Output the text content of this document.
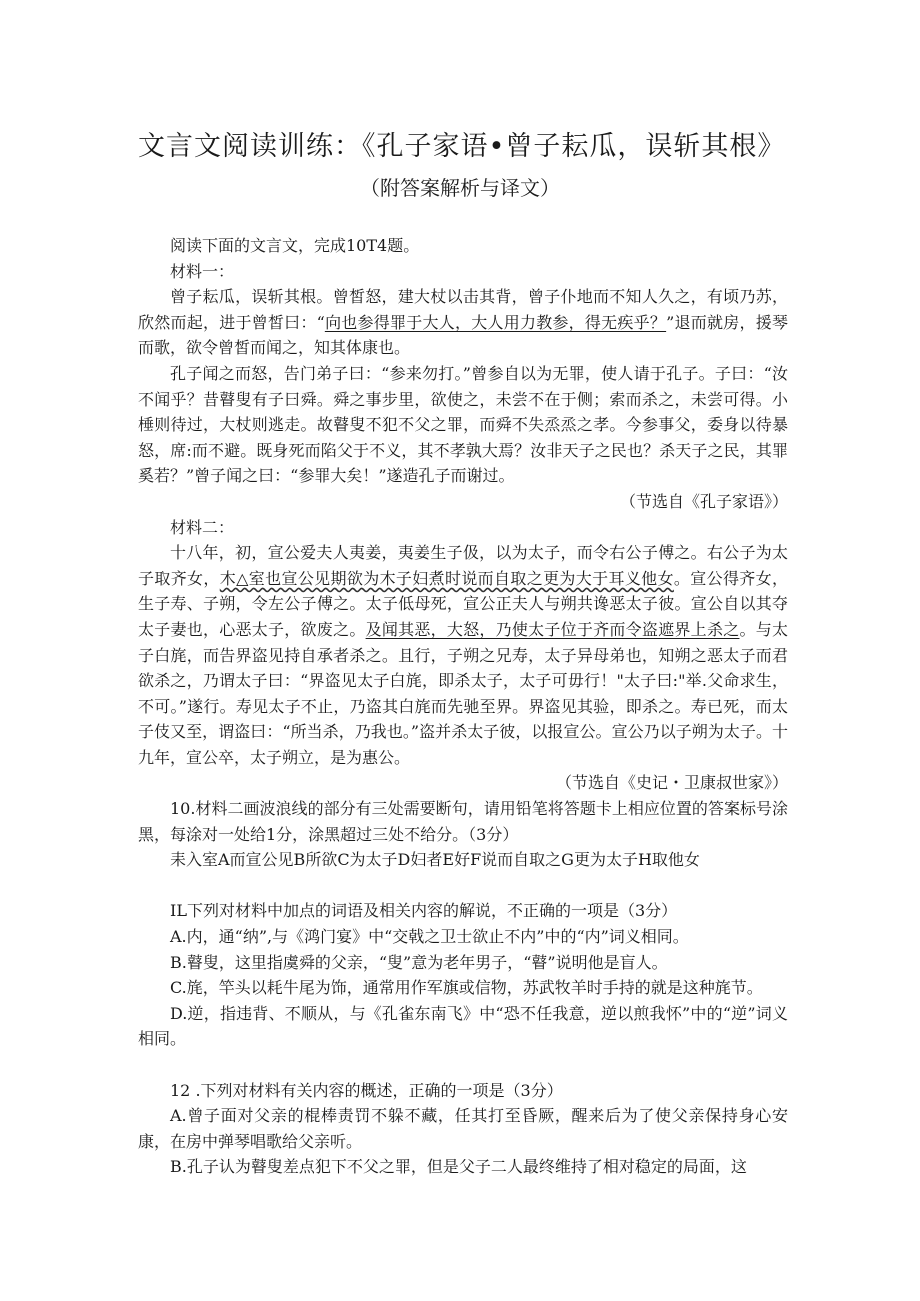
文言文阅读训练：《孔子家语•曾子耘瓜，误斩其根》
（附答案解析与译文）

阅读下面的文言文，完成10T4题。

材料一：

曾子耘瓜，误斩其根。曾皙怒，建大杖以击其背，曾子仆地而不知人久之，有顷乃苏，欣然而起，进于曾皙曰：“向也参得罪于大人，大人用力教参，得无疾乎？”退而就房，援琴而歌，欲令曾皙而闻之，知其体康也。

孔子闻之而怒，告门弟子曰：“参来勿打。”曾参自以为无罪，使人请于孔子。子曰：“汝不闻乎？昔瞽叟有子曰舜。舜之事步里，欲使之，未尝不在于侧；索而杀之，未尝可得。小棰则待过，大杖则逃走。故瞽叟不犯不父之罪，而舜不失烝烝之孝。今参事父，委身以待暴怒，席:而不避。既身死而陷父于不义，其不孝孰大焉？汝非天子之民也？杀天子之民，其罪奚若？”曾子闻之曰：“参罪大矣！”遂造孔子而谢过。

（节选自《孔子家语》）

材料二：

十八年，初，宣公爱夫人夷姜，夷姜生子伋，以为太子，而令右公子傅之。右公子为太子取齐女，木△室也宣公见期欲为木子妇煮时说而自取之更为大于耳义他女。宣公得齐女，生子寿、子朔，令左公子傅之。太子低母死，宣公正夫人与朔共谗恶太子彼。宣公自以其夺太子妻也，心恶太子，欲废之。及闻其恶，大怒，乃使太子位于齐而令盗遮界上杀之。与太子白旄，而告界盗见持自承者杀之。且行，子朔之兄寿，太子异母弟也，知朔之恶太子而君欲杀之，乃谓太子曰：“界盗见太子白旄，即杀太子，太子可毋行！"太子曰:"举.父命求生，不可。”遂行。寿见太子不止，乃盗其白旄而先驰至界。界盗见其验，即杀之。寿已死，而太子伎又至，谓盗曰：“所当杀，乃我也。”盗并杀太子彼，以报宣公。宣公乃以子朔为太子。十九年，宣公卒，太子朔立，是为惠公。

（节选自《史记・卫康叔世家》）

10.材料二画波浪线的部分有三处需要断句，请用铅笔将答题卡上相应位置的答案标号涂黑，每涂对一处给1分，涂黑超过三处不给分。（3分）

耒入室A而宣公见B所欲C为太子D妇者E好F说而自取之G更为太子H取他女

IL下列对材料中加点的词语及相关内容的解说，不正确的一项是（3分）

A.内，通“纳”,与《鸿门宴》中“交戟之卫士欲止不内”中的“内”词义相同。

B.瞽叟，这里指虞舜的父亲，“叟”意为老年男子，“瞽”说明他是盲人。

C.旄，竿头以耗牛尾为饰，通常用作军旗或信物，苏武牧羊时手持的就是这种旄节。

D.逆，指违背、不顺从，与《孔雀东南飞》中“恐不任我意，逆以煎我怀”中的“逆”词义相同。

12 .下列对材料有关内容的概述，正确的一项是（3分）

A.曾子面对父亲的棍棒责罚不躲不藏，任其打至昏厥，醒来后为了使父亲保持身心安康，在房中弹琴唱歌给父亲听。

B.孔子认为瞽叟差点犯下不父之罪，但是父子二人最终维持了相对稳定的局面，这
